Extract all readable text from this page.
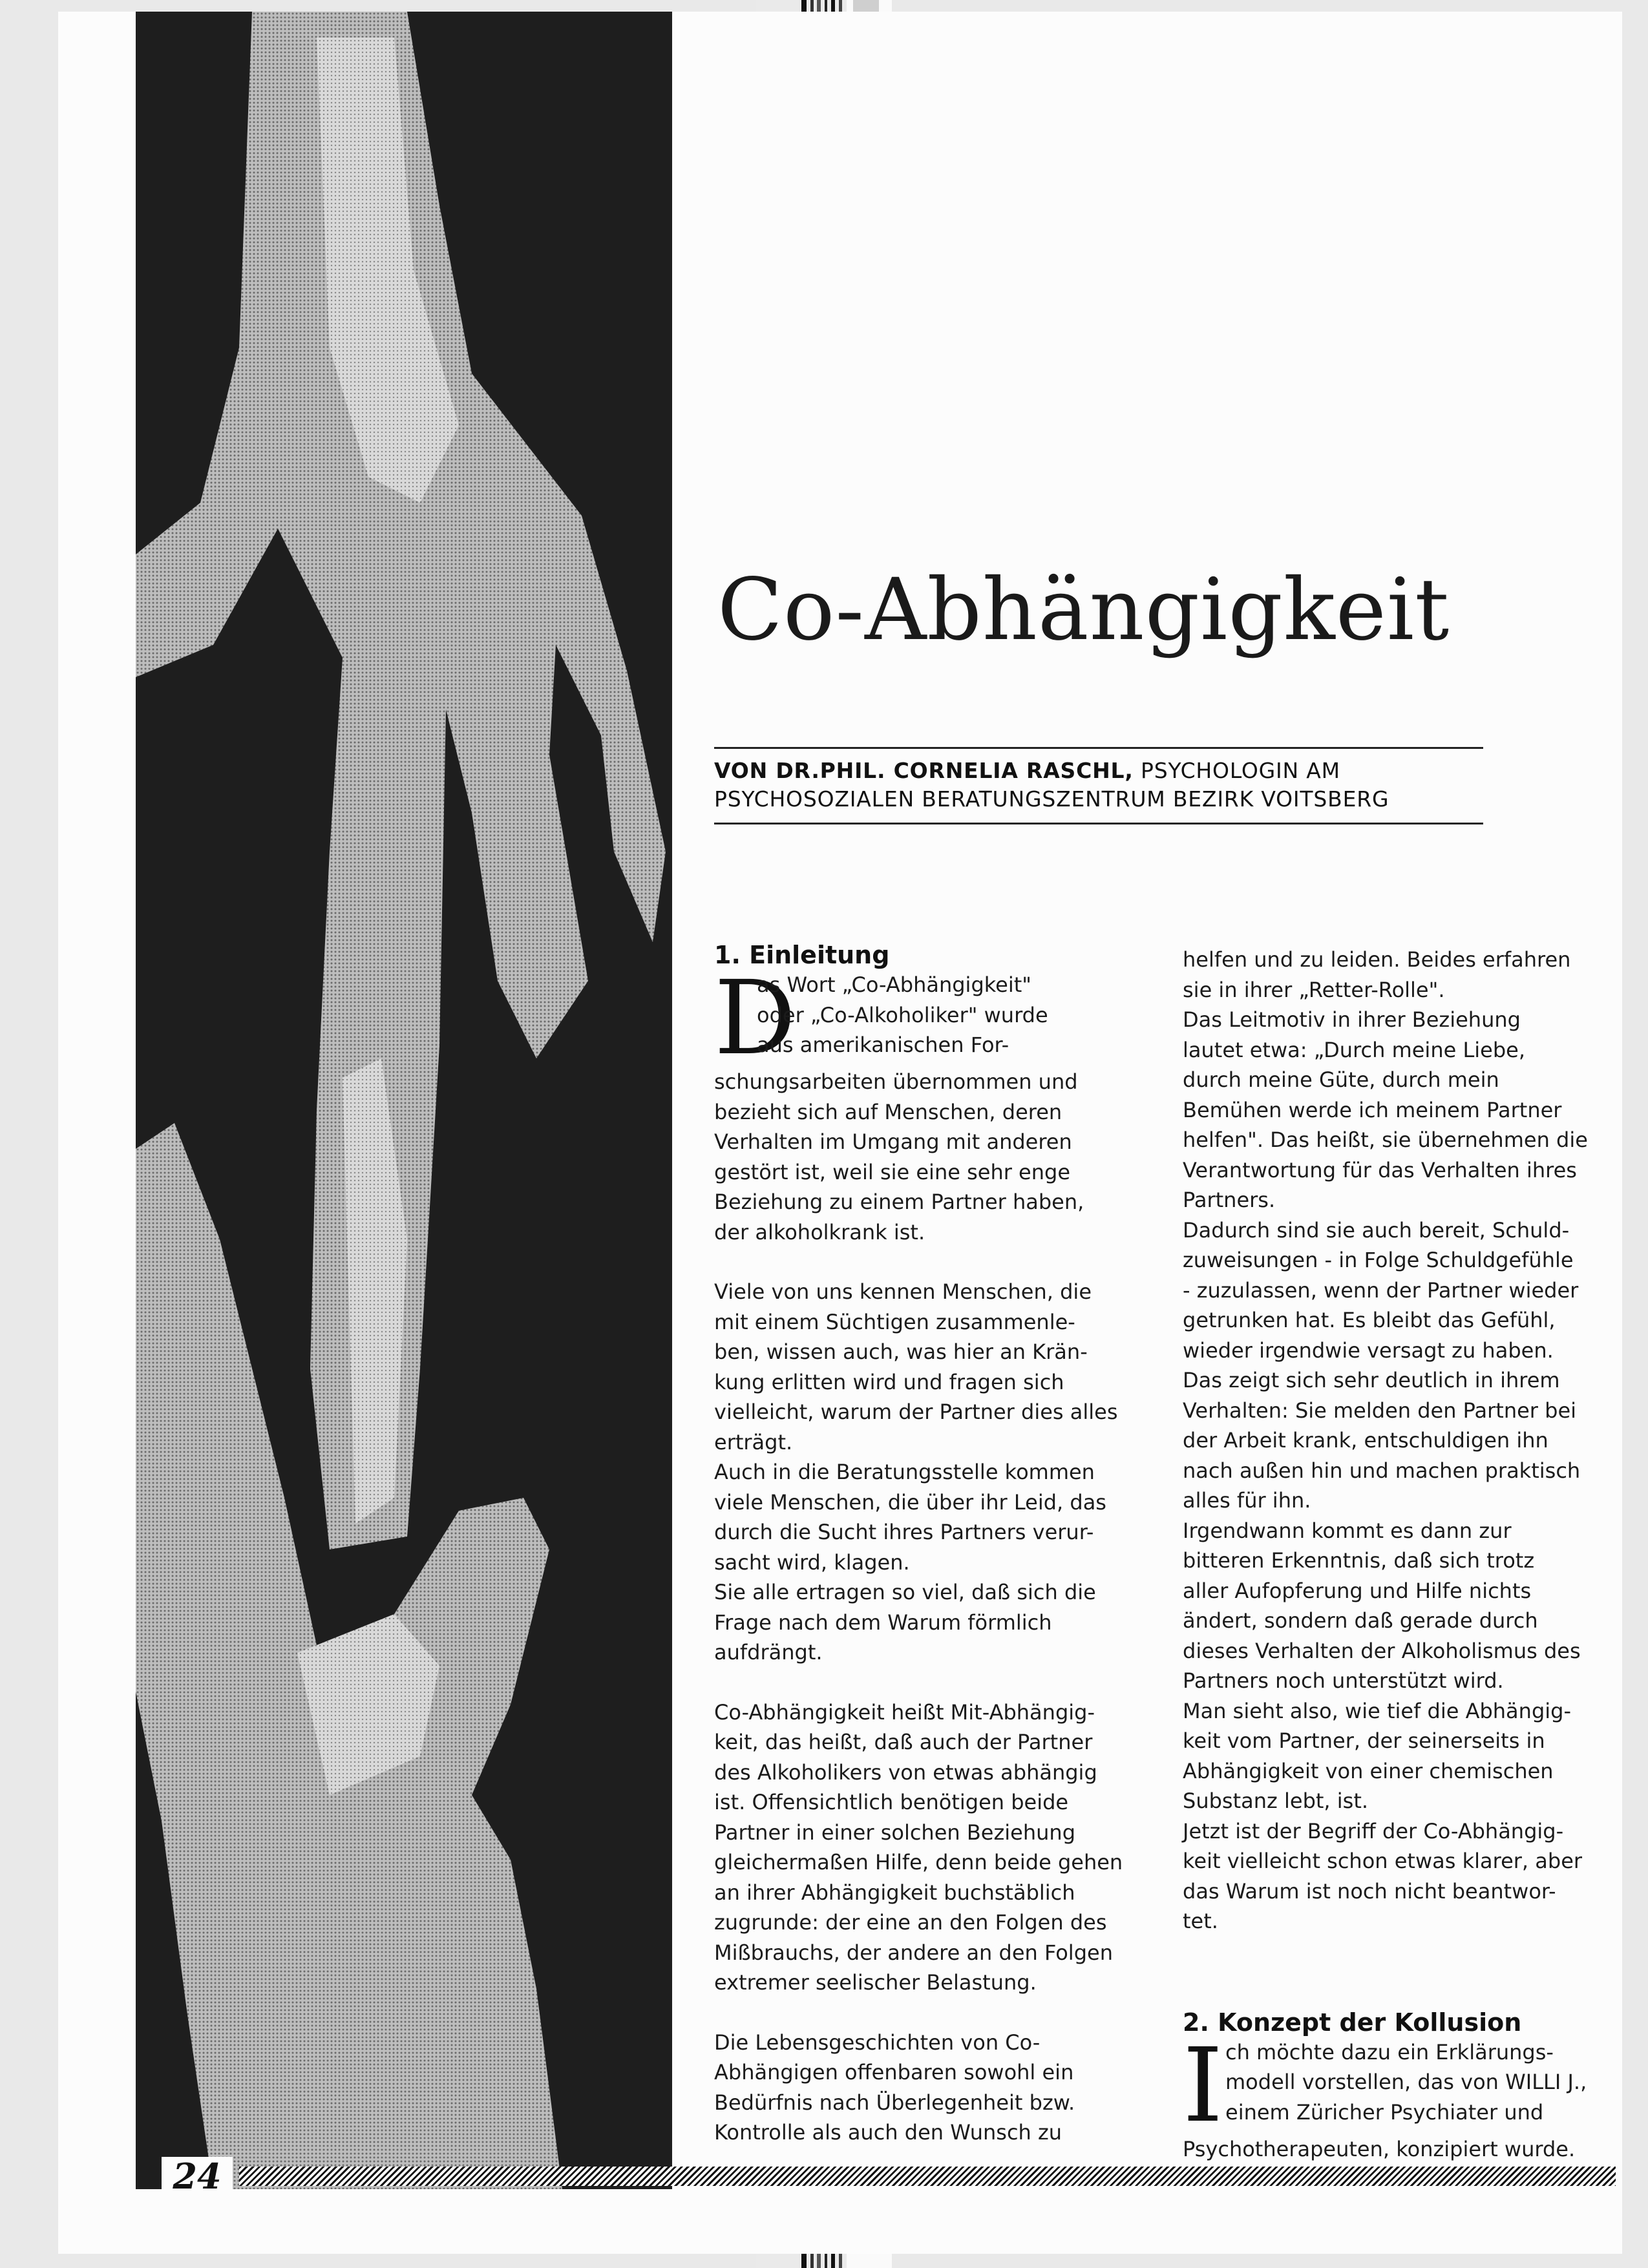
Co-Abhängigkeit
VON DR.PHIL. CORNELIA RASCHL, PSYCHOLOGIN AM
PSYCHOSOZIALEN BERATUNGSZENTRUM BEZIRK VOITSBERG

1. Einleitung

D

as Wort „Co-Abhängigkeit"

oder „Co-Alkoholiker" wurde

aus amerikanischen For-

schungsarbeiten übernommen und

bezieht sich auf Menschen, deren

Verhalten im Umgang mit anderen

gestört ist, weil sie eine sehr enge

Beziehung zu einem Partner haben,

der alkoholkrank ist.

Viele von uns kennen Menschen, die

mit einem Süchtigen zusammenle-

ben, wissen auch, was hier an Krän-

kung erlitten wird und fragen sich

vielleicht, warum der Partner dies alles

erträgt.

Auch in die Beratungsstelle kommen

viele Menschen, die über ihr Leid, das

durch die Sucht ihres Partners verur-

sacht wird, klagen.

Sie alle ertragen so viel, daß sich die

Frage nach dem Warum förmlich

aufdrängt.

Co-Abhängigkeit heißt Mit-Abhängig-

keit, das heißt, daß auch der Partner

des Alkoholikers von etwas abhängig

ist. Offensichtlich benötigen beide

Partner in einer solchen Beziehung

gleichermaßen Hilfe, denn beide gehen

an ihrer Abhängigkeit buchstäblich

zugrunde: der eine an den Folgen des

Mißbrauchs, der andere an den Folgen

extremer seelischer Belastung.

Die Lebensgeschichten von Co-

Abhängigen offenbaren sowohl ein

Bedürfnis nach Überlegenheit bzw.

Kontrolle als auch den Wunsch zu

helfen und zu leiden. Beides erfahren

sie in ihrer „Retter-Rolle".

Das Leitmotiv in ihrer Beziehung

lautet etwa: „Durch meine Liebe,

durch meine Güte, durch mein

Bemühen werde ich meinem Partner

helfen". Das heißt, sie übernehmen die

Verantwortung für das Verhalten ihres

Partners.

Dadurch sind sie auch bereit, Schuld-

zuweisungen - in Folge Schuldgefühle

- zuzulassen, wenn der Partner wieder

getrunken hat. Es bleibt das Gefühl,

wieder irgendwie versagt zu haben.

Das zeigt sich sehr deutlich in ihrem

Verhalten: Sie melden den Partner bei

der Arbeit krank, entschuldigen ihn

nach außen hin und machen praktisch

alles für ihn.

Irgendwann kommt es dann zur

bitteren Erkenntnis, daß sich trotz

aller Aufopferung und Hilfe nichts

ändert, sondern daß gerade durch

dieses Verhalten der Alkoholismus des

Partners noch unterstützt wird.

Man sieht also, wie tief die Abhängig-

keit vom Partner, der seinerseits in

Abhängigkeit von einer chemischen

Substanz lebt, ist.

Jetzt ist der Begriff der Co-Abhängig-

keit vielleicht schon etwas klarer, aber

das Warum ist noch nicht beantwor-

tet.

2. Konzept der Kollusion

I ch möchte dazu ein Erklärungs-

modell vorstellen, das von WILLI J.,

einem Züricher Psychiater und

Psychotherapeuten, konzipiert wurde.

24
